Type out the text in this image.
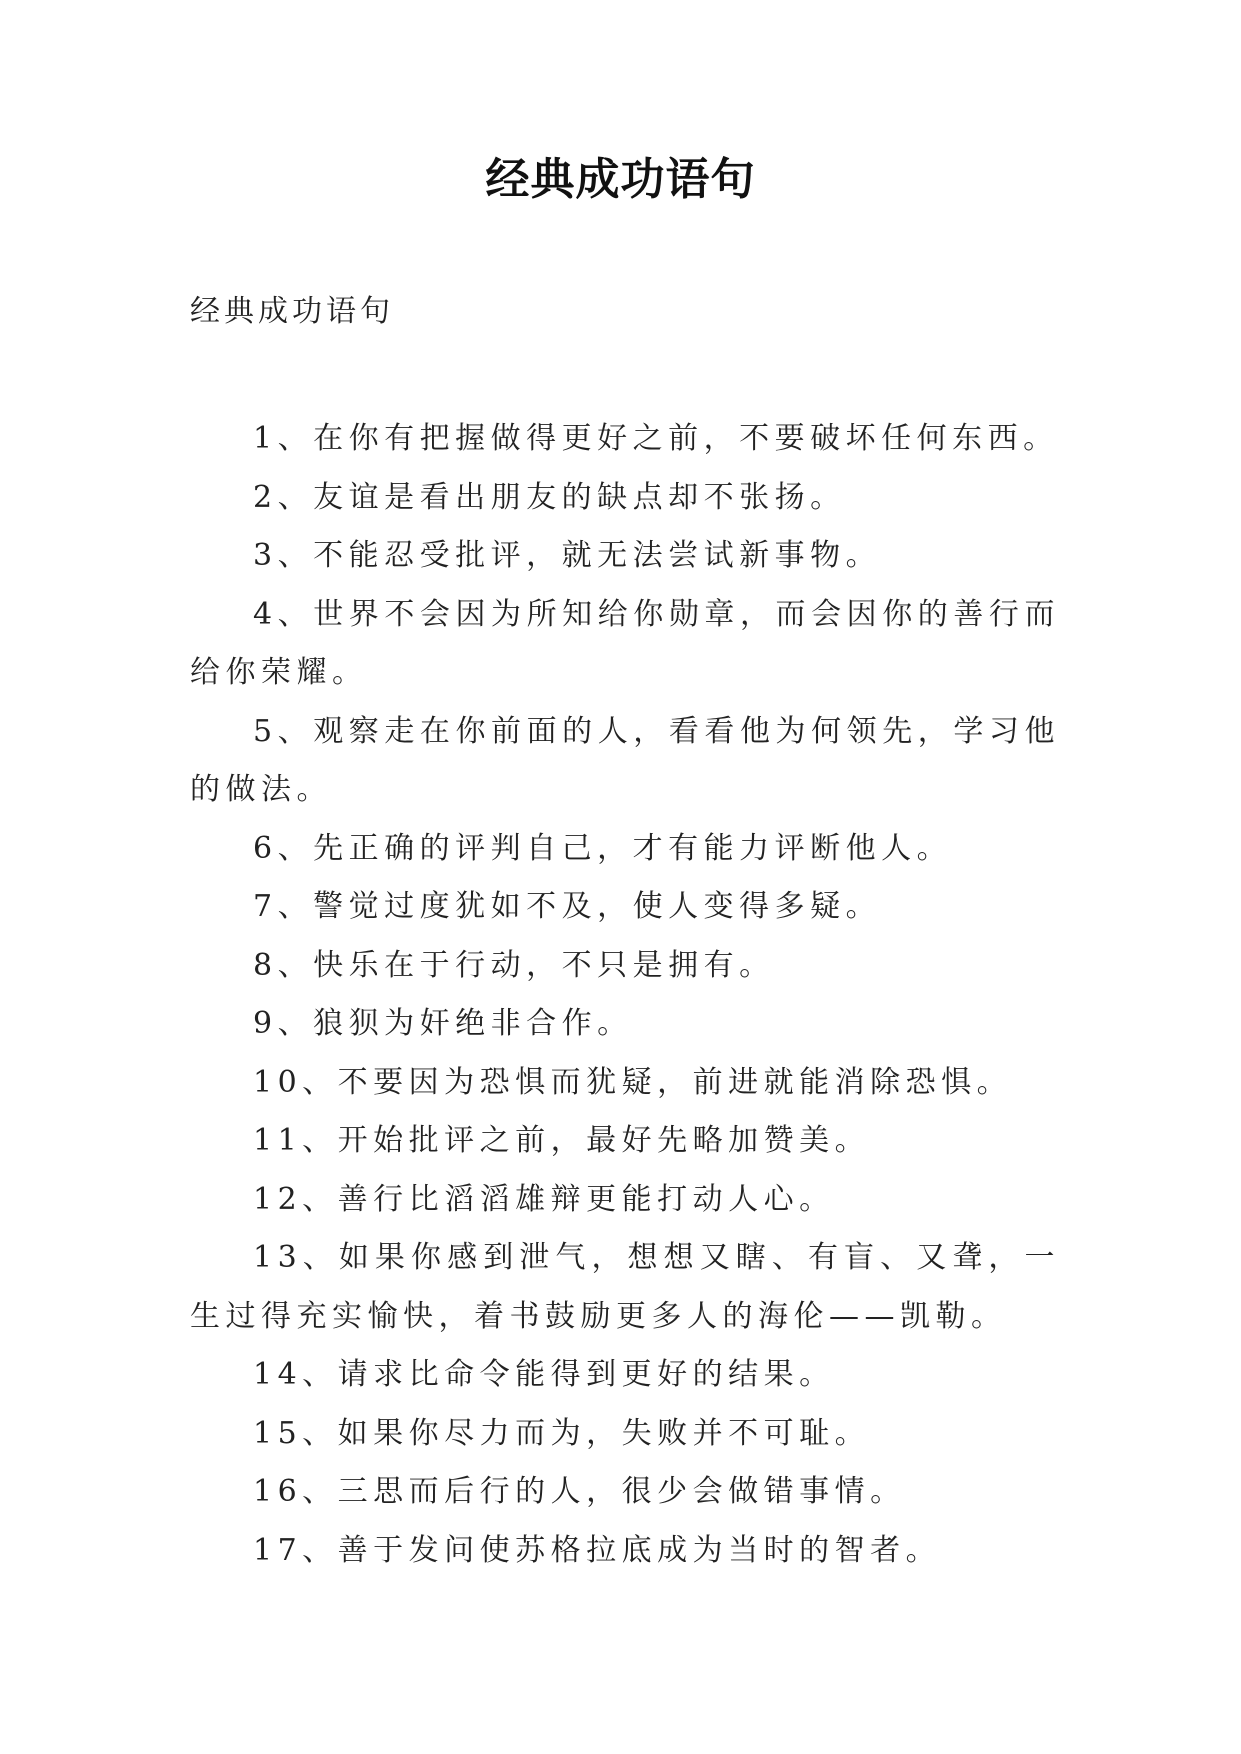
经典成功语句
经典成功语句

1、在你有把握做得更好之前，不要破坏任何东西。

2、友谊是看出朋友的缺点却不张扬。

3、不能忍受批评，就无法尝试新事物。

4、世界不会因为所知给你勋章，而会因你的善行而给你荣耀。

5、观察走在你前面的人，看看他为何领先，学习他的做法。

6、先正确的评判自己，才有能力评断他人。

7、警觉过度犹如不及，使人变得多疑。

8、快乐在于行动，不只是拥有。

9、狼狈为奸绝非合作。

10、不要因为恐惧而犹疑，前进就能消除恐惧。

11、开始批评之前，最好先略加赞美。

12、善行比滔滔雄辩更能打动人心。

13、如果你感到泄气，想想又瞎、有盲、又聋，一生过得充实愉快，着书鼓励更多人的海伦——凯勒。

14、请求比命令能得到更好的结果。

15、如果你尽力而为，失败并不可耻。

16、三思而后行的人，很少会做错事情。

17、善于发问使苏格拉底成为当时的智者。
